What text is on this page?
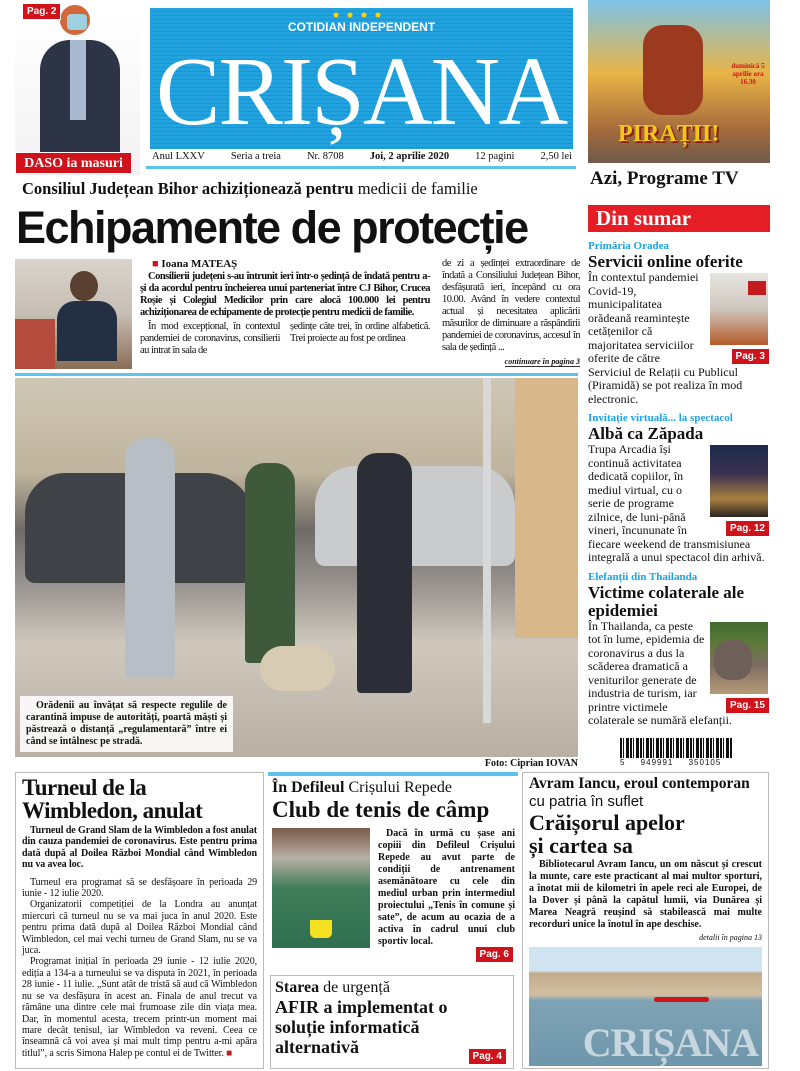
Pag. 2
DASO ia masuri
COTIDIAN INDEPENDENT
CRIȘANA
Anul LXXV Seria a treia Nr. 8708 Joi, 2 aprilie 2020 12 pagini 2,50 lei
PIRAȚII!
duminică 5 aprilie ora 16.30
Azi, Programe TV
Din sumar
Consiliul Județean Bihor achiziționează pentru medicii de familie
Echipamente de protecție
■ Ioana MATEAȘ
Consilierii județeni s-au întrunit ieri într-o ședință de îndată pentru a-și da acordul pentru încheierea unui parteneriat între CJ Bihor, Crucea Roșie și Colegiul Medicilor prin care alocă 100.000 lei pentru achiziționarea de echipamente de protecție pentru medicii de familie.
În mod excepțional, în contextul pandemiei de coronavirus, consilierii au intrat în sala de
ședințe câte trei, în ordine alfabetică. Trei proiecte au fost pe ordinea
de zi a ședinței extraordinare de îndată a Consiliului Județean Bihor, desfășurată ieri, începând cu ora 10.00. Având în vedere contextul actual și necesitatea aplicării măsurilor de diminuare a răspândirii pandemiei de coronavirus, accesul în sala de ședință ...
continuare în pagina 3
Orădenii au învățat să respecte regulile de carantină impuse de autorități, poartă măști și păstrează o distanță „regulamentară” între ei când se întâlnesc pe stradă.
Foto: Ciprian IOVAN
Primăria Oradea
Servicii online oferite
Pag. 3
În contextul pandemiei Covid-19, municipalitatea orădeană reamintește cetățenilor că majoritatea serviciilor oferite de către Serviciul de Relații cu Publicul (Piramidă) se pot realiza în mod electronic.
Invitație virtuală... la spectacol
Albă ca Zăpada
Pag. 12
Trupa Arcadia își continuă activitatea dedicată copiilor, în mediul virtual, cu o serie de programe zilnice, de luni-până vineri, încununate în fiecare weekend de transmisiunea integrală a unui spectacol din arhivă.
Elefanții din Thailanda
Victime colaterale ale epidemiei
Pag. 15
În Thailanda, ca peste tot în lume, epidemia de coronavirus a dus la scăderea dramatică a veniturilor generate de industria de turism, iar printre victimele colaterale se numără elefanții.
5 949991 350105
Turneul de la Wimbledon, anulat
Turneul de Grand Slam de la Wimbledon a fost anulat din cauza pandemiei de coronavirus. Este pentru prima dată după al Doilea Război Mondial când Wimbledon nu va avea loc.
Turneul era programat să se desfășoare în perioada 29 iunie - 12 iulie 2020.
Organizatorii competiției de la Londra au anunțat miercuri că turneul nu se va mai juca în anul 2020. Este pentru prima dată după al Doilea Război Mondial când Wimbledon, cel mai vechi turneu de Grand Slam, nu se va juca.
Programat inițial în perioada 29 iunie - 12 iulie 2020, ediția a 134-a a turneului se va disputa în 2021, în perioada 28 iunie - 11 iulie. „Sunt atât de tristă să aud că Wimbledon nu se va desfășura în acest an. Finala de anul trecut va rămâne una dintre cele mai frumoase zile din viața mea. Dar, în momentul acesta, trecem printr-un moment mai mare decât tenisul, iar Wimbledon va reveni. Ceea ce înseamnă că voi avea și mai mult timp pentru a-mi apăra titlul”, a scris Simona Halep pe contul ei de Twitter. ■
În Defileul Crișului Repede
Club de tenis de câmp
Dacă în urmă cu șase ani copiii din Defileul Crișului Repede au avut parte de condiții de antrenament asemănătoare cu cele din mediul urban prin intermediul proiectului „Tenis în comune și sate”, de acum au ocazia de a activa în cadrul unui club sportiv local.
Pag. 6
Starea de urgență
AFIR a implementat o soluție informatică alternativă	Pag. 4
Avram Iancu, eroul contemporan
cu patria în suflet
Crăișorul apelor și cartea sa
Bibliotecarul Avram Iancu, un om născut și crescut la munte, care este practicant al mai multor sporturi, a înotat mii de kilometri în apele reci ale Europei, de la Dover și până la capătul lumii, via Dunărea și Marea Neagră reușind să stabilească mai multe recorduri unice la înotul în ape deschise.
detalii în pagina 13
CRIȘANA
